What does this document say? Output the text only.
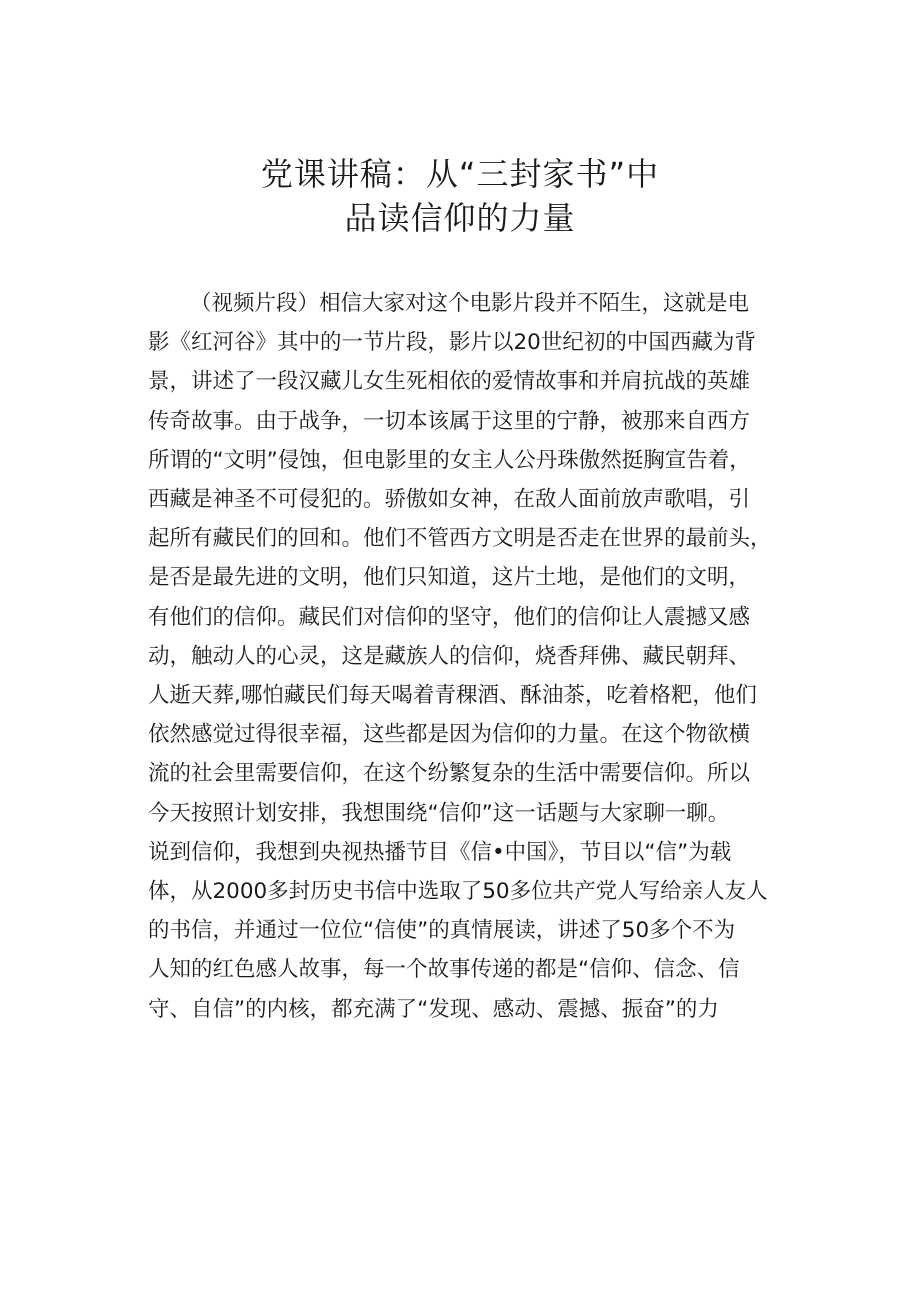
党课讲稿：从“三封家书”中
品读信仰的力量
（视频片段）相信大家对这个电影片段并不陌生，这就是电
影《红河谷》其中的一节片段，影片以20世纪初的中国西藏为背
景，讲述了一段汉藏儿女生死相依的爱情故事和并肩抗战的英雄
传奇故事。由于战争，一切本该属于这里的宁静，被那来自西方
所谓的“文明”侵蚀，但电影里的女主人公丹珠傲然挺胸宣告着，
西藏是神圣不可侵犯的。骄傲如女神，在敌人面前放声歌唱，引
起所有藏民们的回和。他们不管西方文明是否走在世界的最前头，
是否是最先进的文明，他们只知道，这片土地，是他们的文明，
有他们的信仰。藏民们对信仰的坚守，他们的信仰让人震撼又感
动，触动人的心灵，这是藏族人的信仰，烧香拜佛、藏民朝拜、
人逝天葬,哪怕藏民们每天喝着青稞酒、酥油茶，吃着格粑，他们
依然感觉过得很幸福，这些都是因为信仰的力量。在这个物欲横
流的社会里需要信仰，在这个纷繁复杂的生活中需要信仰。所以
今天按照计划安排，我想围绕“信仰”这一话题与大家聊一聊。
说到信仰，我想到央视热播节目《信•中国》，节目以“信”为载
体，从2000多封历史书信中选取了50多位共产党人写给亲人友人
的书信，并通过一位位“信使”的真情展读，讲述了50多个不为
人知的红色感人故事，每一个故事传递的都是“信仰、信念、信
守、自信”的内核，都充满了“发现、感动、震撼、振奋”的力
